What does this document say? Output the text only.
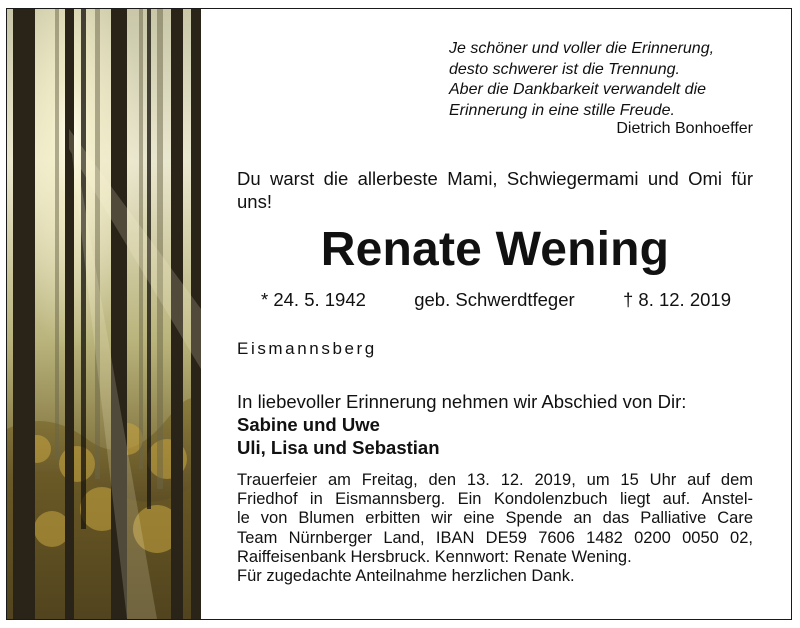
Je schöner und voller die Erinnerung,
desto schwerer ist die Trennung.
Aber die Dankbarkeit verwandelt die
Erinnerung in eine stille Freude.
Dietrich Bonhoeffer
Du warst die allerbeste Mami, Schwiegermami und Omi für uns!
Renate Wening
* 24. 5. 1942	geb. Schwerdtfeger	† 8. 12. 2019
Eismannsberg
In liebevoller Erinnerung nehmen wir Abschied von Dir:
Sabine und Uwe
Uli, Lisa und Sebastian
Trauerfeier am Freitag, den 13. 12. 2019, um 15 Uhr auf dem
Friedhof in Eismannsberg. Ein Kondolenzbuch liegt auf. Anstel-
le von Blumen erbitten wir eine Spende an das Palliative Care
Team Nürnberger Land, IBAN DE59 7606 1482 0200 0050 02,
Raiffeisenbank Hersbruck. Kennwort: Renate Wening.
Für zugedachte Anteilnahme herzlichen Dank.
